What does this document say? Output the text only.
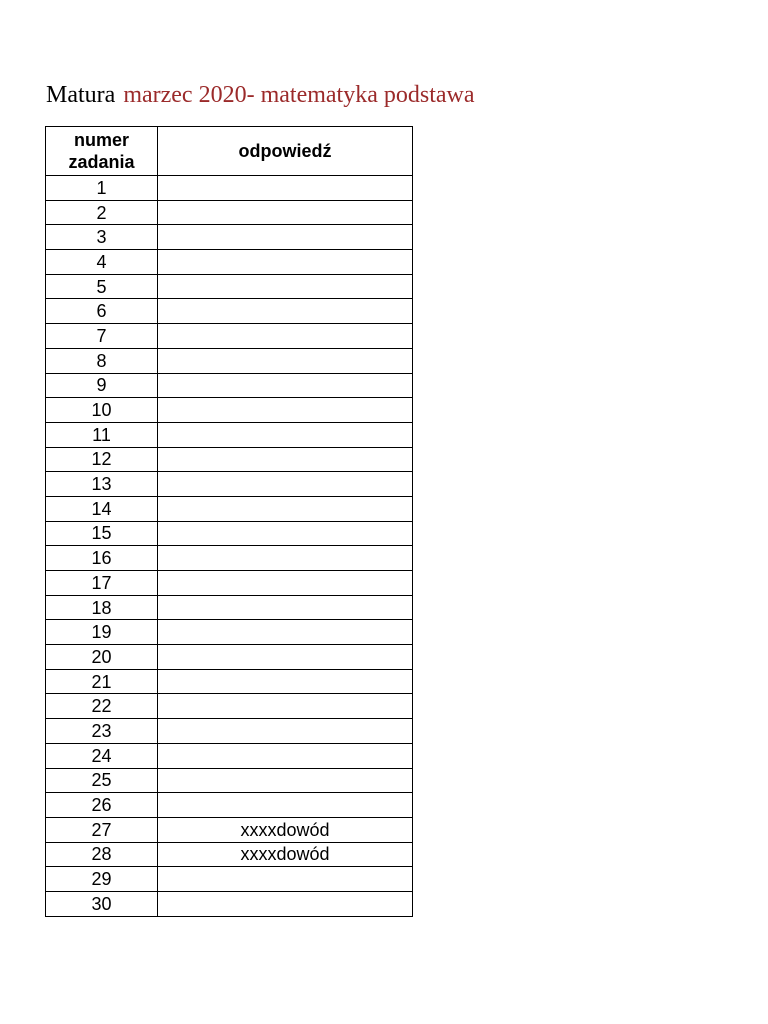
Matura marzec 2020- matematyka podstawa
numer
zadania	odpowiedź
1	
2	
3	
4	
5	
6	
7	
8	
9	
10	
11	
12	
13	
14	
15	
16	
17	
18	
19	
20	
21	
22	
23	
24	
25	
26	
27	xxxxdowód
28	xxxxdowód
29	
30	
